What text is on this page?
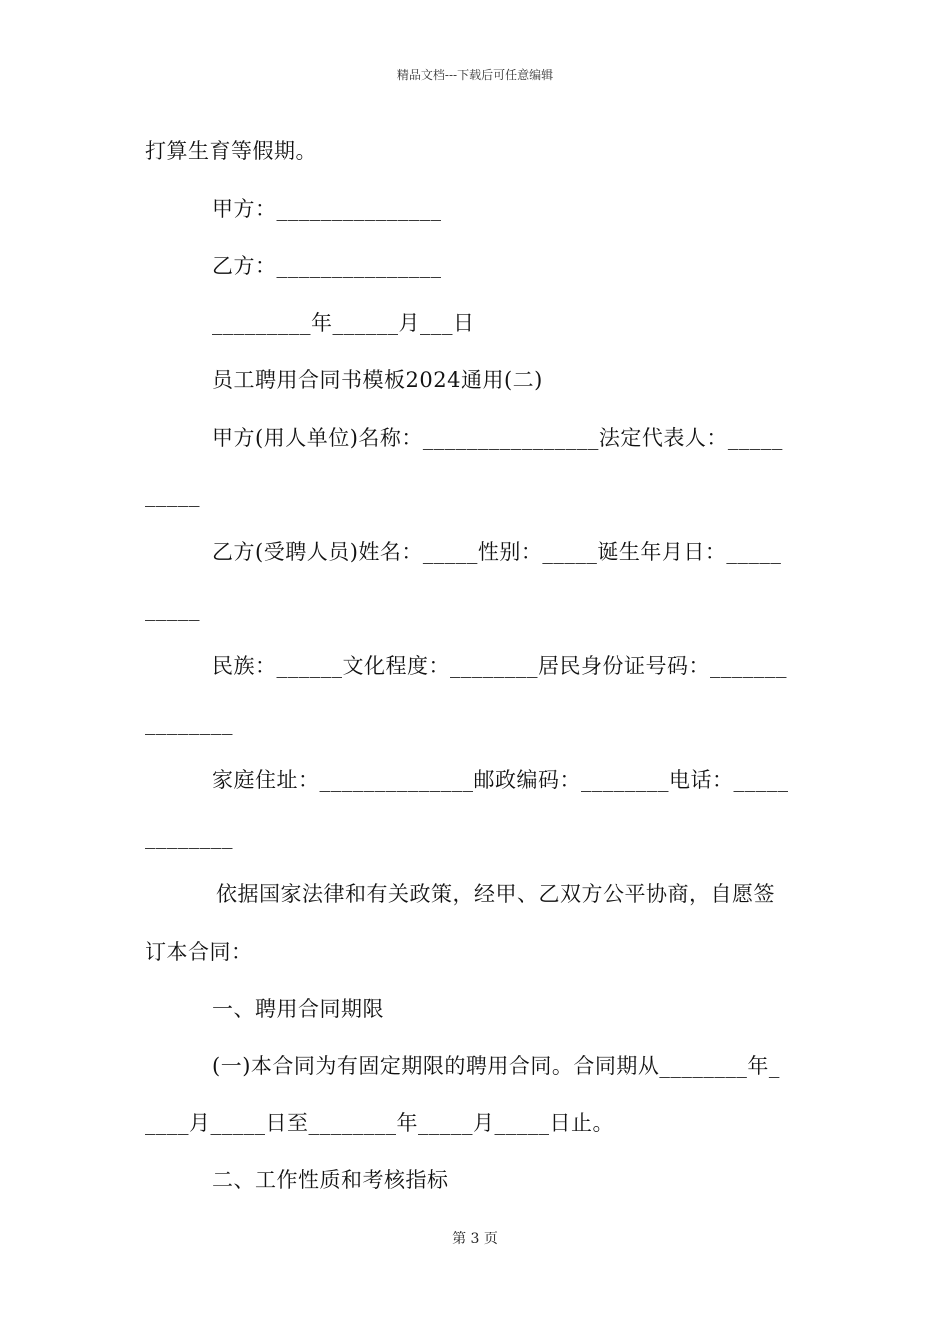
精品文档---下载后可任意编辑
打算生育等假期。
甲方：_______________
乙方：_______________
_________年______月___日
员工聘用合同书模板2024通用(二)
甲方(用人单位)名称：________________法定代表人：_____
_____
乙方(受聘人员)姓名：_____性别：_____诞生年月日：_____
_____
民族：______文化程度：________居民身份证号码：_______
________
家庭住址：______________邮政编码：________电话：_____
________
依据国家法律和有关政策，经甲、乙双方公平协商，自愿签
订本合同：
一、聘用合同期限
(一)本合同为有固定期限的聘用合同。合同期从________年_
____月_____日至________年_____月_____日止。
二、工作性质和考核指标
第 3 页
